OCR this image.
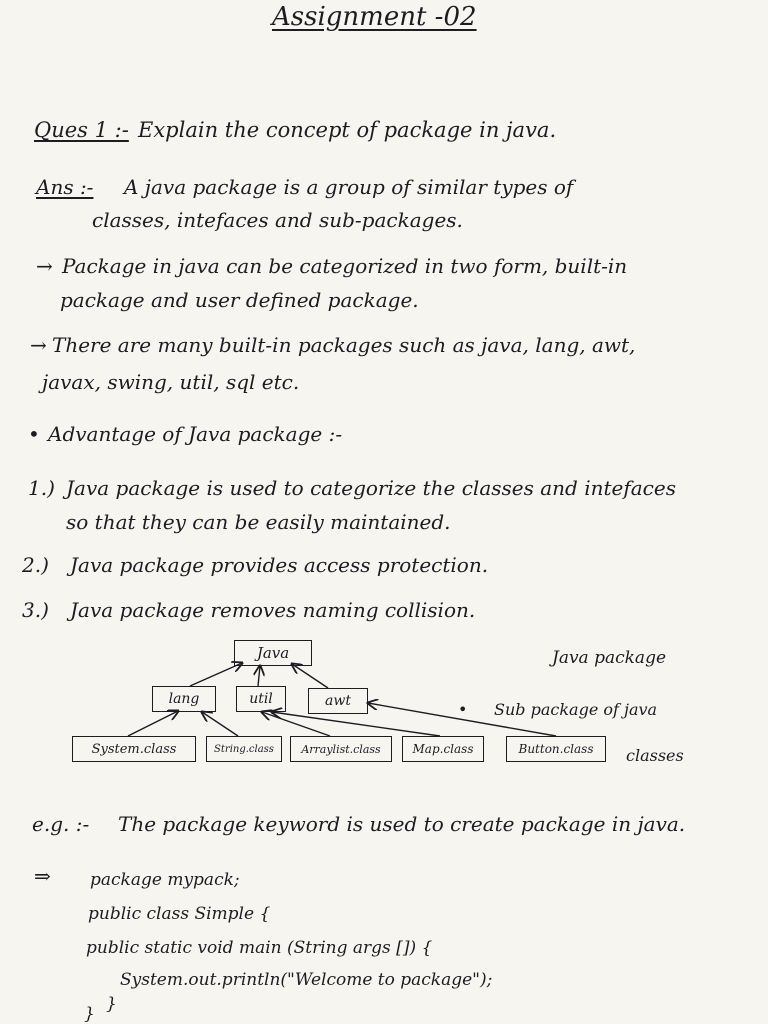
Assignment -02
Ques 1 :- Explain the concept of package in java.
Ans :- A java package is a group of similar types of
classes, intefaces and sub-packages.
→ Package in java can be categorized in two form, built-in
package and user defined package.
→ There are many built-in packages such as java, lang, awt,
javax, swing, util, sql etc.
• Advantage of Java package :-
1.) Java package is used to categorize the classes and intefaces
so that they can be easily maintained.
2.) Java package provides access protection.
3.) Java package removes naming collision.
Java
lang	util	awt
System.class	String.class	Arraylist.class	Map.class	Button.class
Java package
• Sub package of java
classes
e.g. :- The package keyword is used to create package in java.
⇒ package mypack;
public class Simple {
public static void main (String args []) {
System.out.println("Welcome to package");
}
}
